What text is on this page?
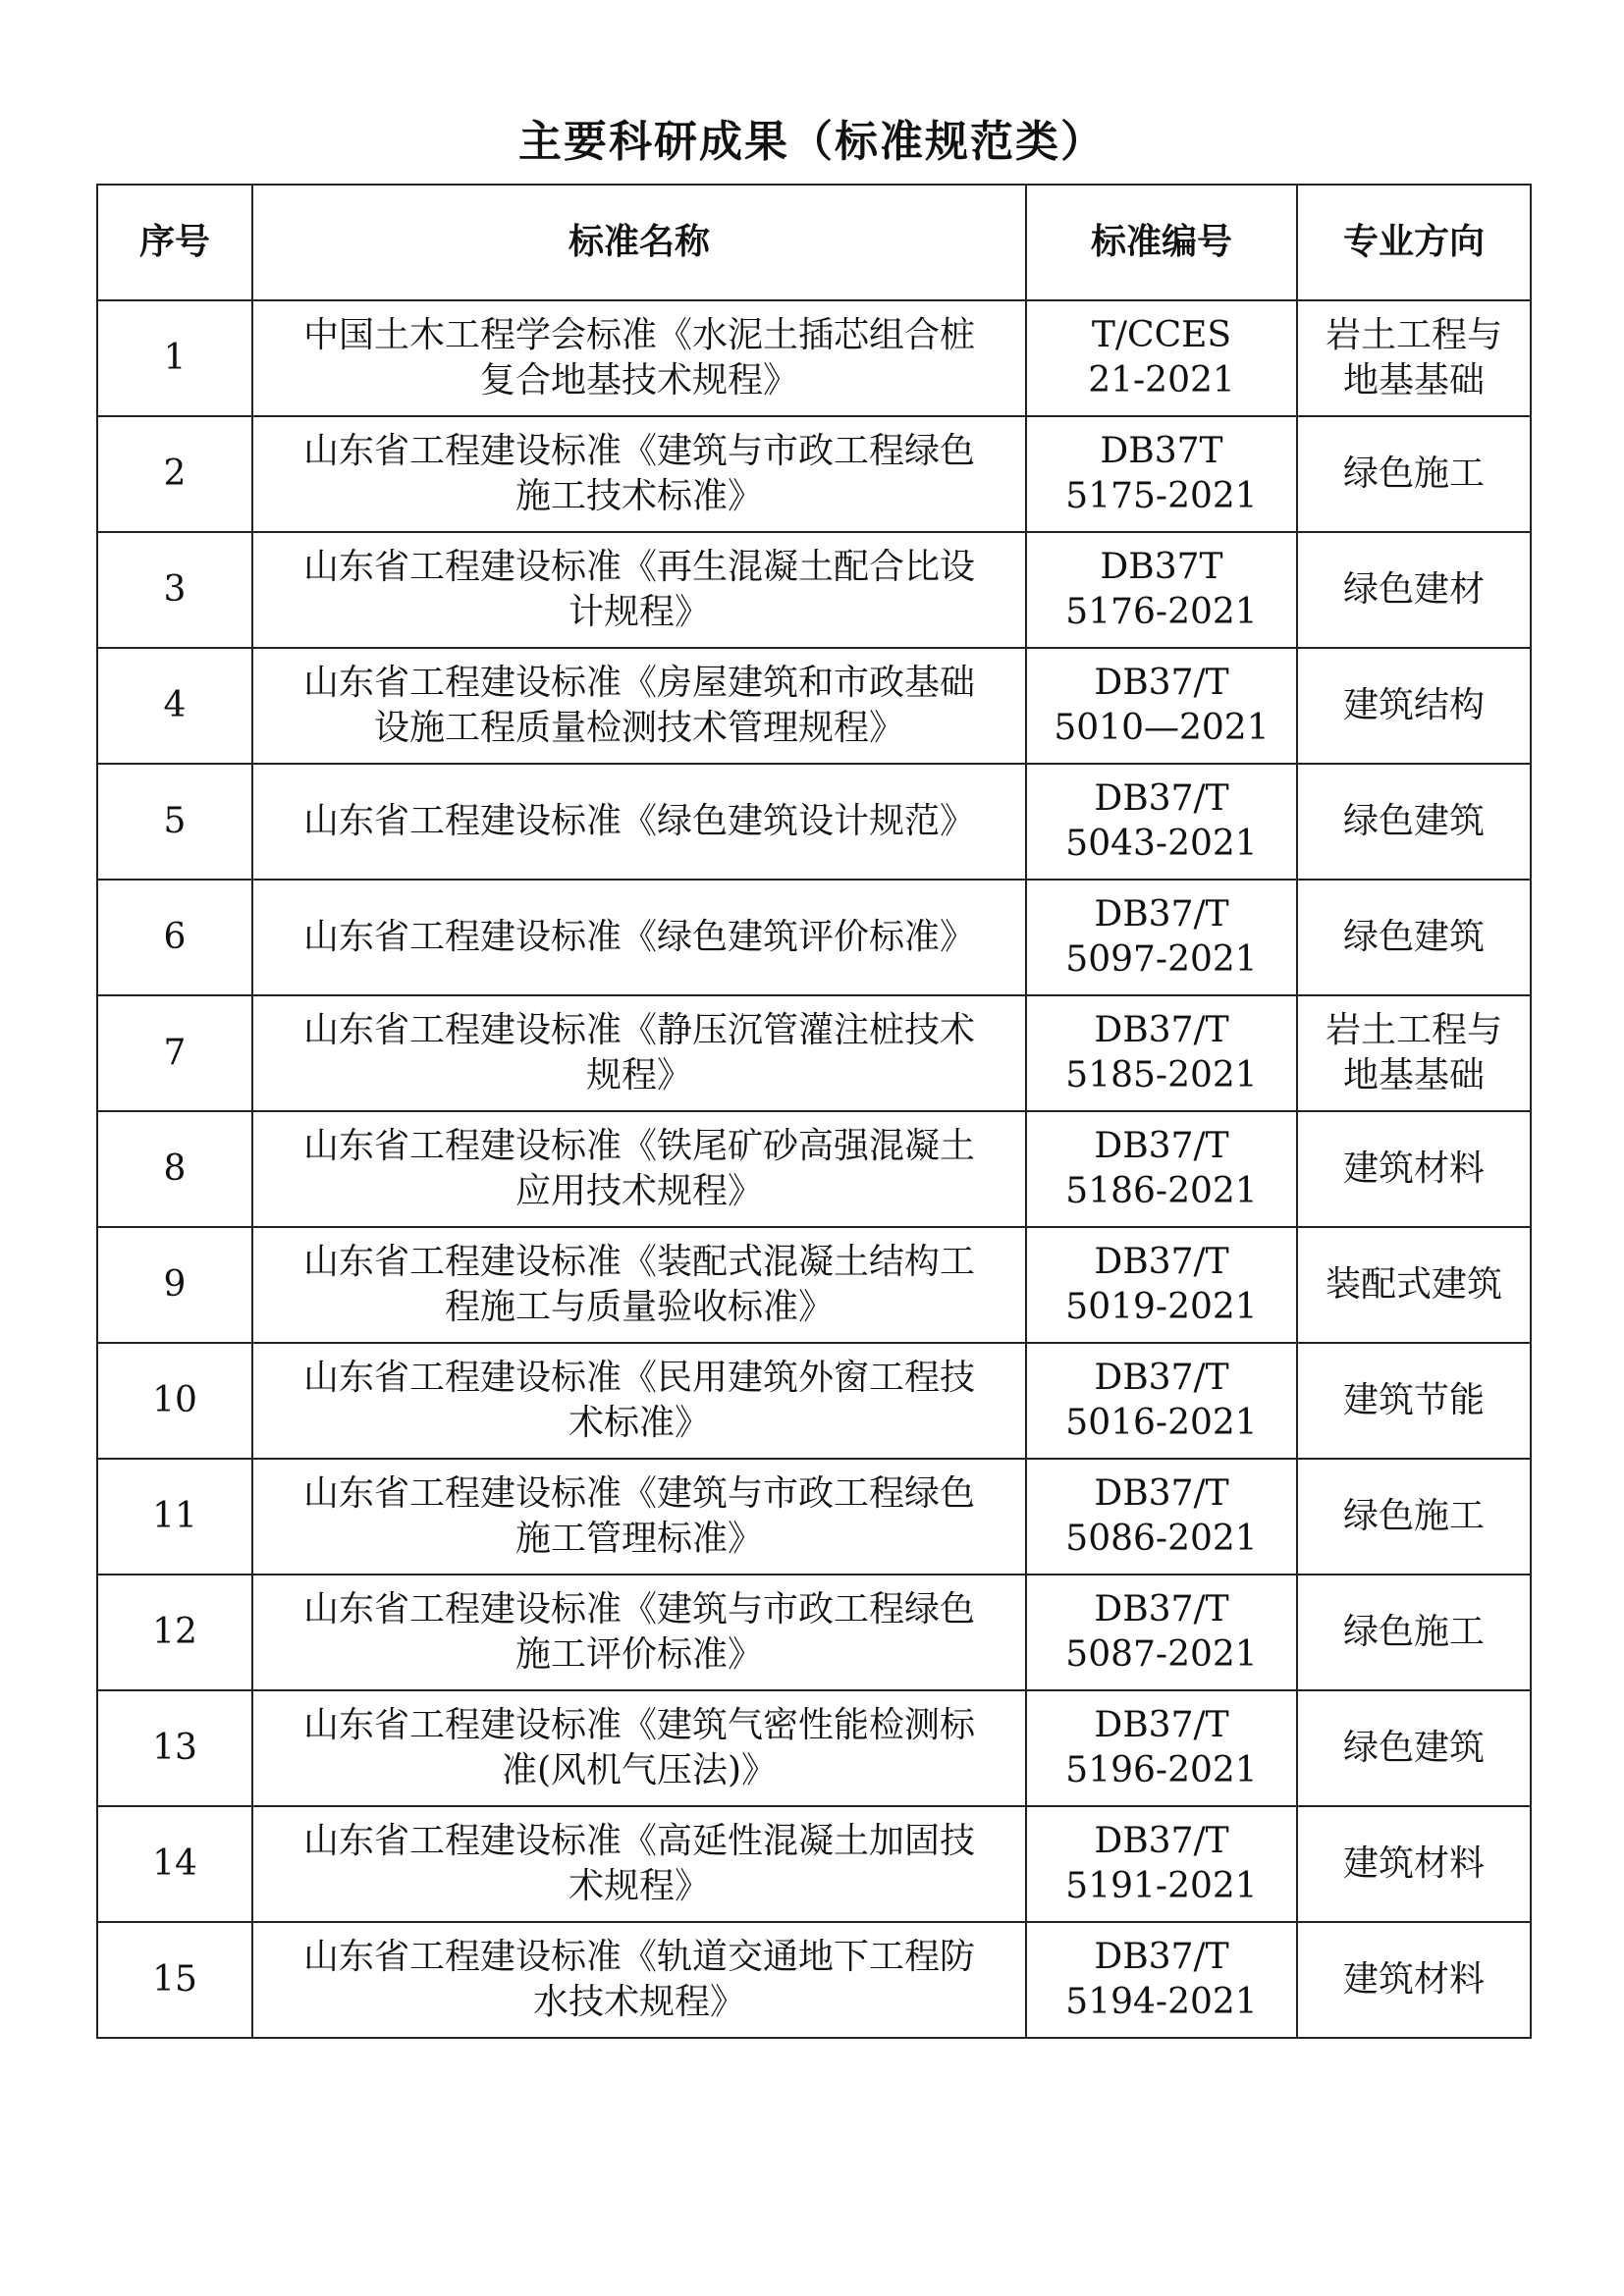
主要科研成果（标准规范类）
序号	标准名称	标准编号	专业方向
1	中国土木工程学会标准《水泥土插芯组合桩
复合地基技术规程》	T/CCES
21-2021	岩土工程与
地基基础

2	山东省工程建设标准《建筑与市政工程绿色
施工技术标准》	DB37T
5175-2021	绿色施工

3	山东省工程建设标准《再生混凝土配合比设
计规程》	DB37T
5176-2021	绿色建材

4	山东省工程建设标准《房屋建筑和市政基础
设施工程质量检测技术管理规程》	DB37/T
5010—2021	建筑结构

5	山东省工程建设标准《绿色建筑设计规范》	DB37/T
5043-2021	绿色建筑

6	山东省工程建设标准《绿色建筑评价标准》	DB37/T
5097-2021	绿色建筑

7	山东省工程建设标准《静压沉管灌注桩技术
规程》	DB37/T
5185-2021	岩土工程与
地基基础

8	山东省工程建设标准《铁尾矿砂高强混凝土
应用技术规程》	DB37/T
5186-2021	建筑材料

9	山东省工程建设标准《装配式混凝土结构工
程施工与质量验收标准》	DB37/T
5019-2021	装配式建筑

10	山东省工程建设标准《民用建筑外窗工程技
术标准》	DB37/T
5016-2021	建筑节能

11	山东省工程建设标准《建筑与市政工程绿色
施工管理标准》	DB37/T
5086-2021	绿色施工

12	山东省工程建设标准《建筑与市政工程绿色
施工评价标准》	DB37/T
5087-2021	绿色施工

13	山东省工程建设标准《建筑气密性能检测标
准(风机气压法)》	DB37/T
5196-2021	绿色建筑

14	山东省工程建设标准《高延性混凝土加固技
术规程》	DB37/T
5191-2021	建筑材料

15	山东省工程建设标准《轨道交通地下工程防
水技术规程》	DB37/T
5194-2021	建筑材料
